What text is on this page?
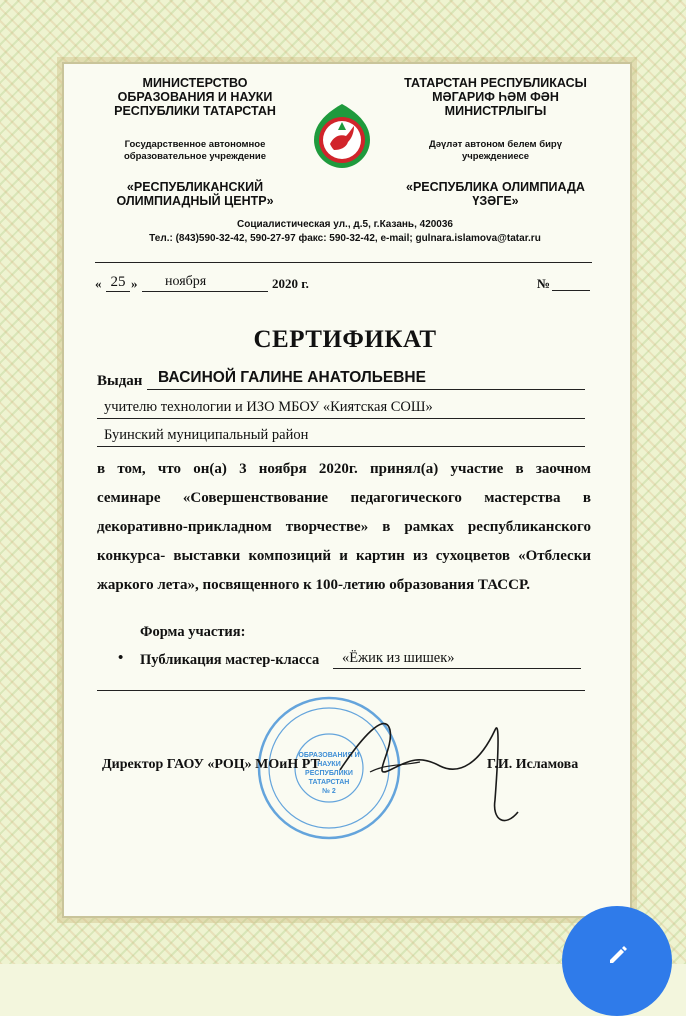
МИНИСТЕРСТВО
ОБРАЗОВАНИЯ И НАУКИ
РЕСПУБЛИКИ ТАТАРСТАН
Государственное автономное
образовательное учреждение
«РЕСПУБЛИКАНСКИЙ
ОЛИМПИАДНЫЙ ЦЕНТР»
ТАТАРСТАН РЕСПУБЛИКАСЫ
МӘГАРИФ ҺӘМ ФӘН
МИНИСТРЛЫГЫ
Дәүләт автоном белем бирү
учреждениесе
«РЕСПУБЛИКА ОЛИМПИАДА
ҮЗӘГЕ»
Социалистическая ул., д.5, г.Казань, 420036
Тел.: (843)590-32-42, 590-27-97 факс: 590-32-42, e-mail; gulnara.islamova@tatar.ru
« 25 » ноября	2020 г.	№
СЕРТИФИКАТ
Выдан ВАСИНОЙ ГАЛИНЕ АНАТОЛЬЕВНЕ
учителю технологии и ИЗО МБОУ «Киятская СОШ»
Буинский муниципальный район
в том, что он(а) 3 ноября 2020г. принял(а) участие в заочном
семинаре «Совершенствование педагогического мастерства в
декоративно-прикладном творчестве» в рамках республиканского
конкурса- выставки композиций и картин из сухоцветов «Отблески
жаркого лета», посвященного к 100-летию образования ТАССР.
Форма участия:
• Публикация мастер-класса «Ёжик из шишек»
ОБРАЗОВАНИЯ И НАУКИ
РЕСПУБЛИКИ ТАТАРСТАН
№ 2
Директор ГАОУ «РОЦ» МОиН РТ	Г.И. Исламова
